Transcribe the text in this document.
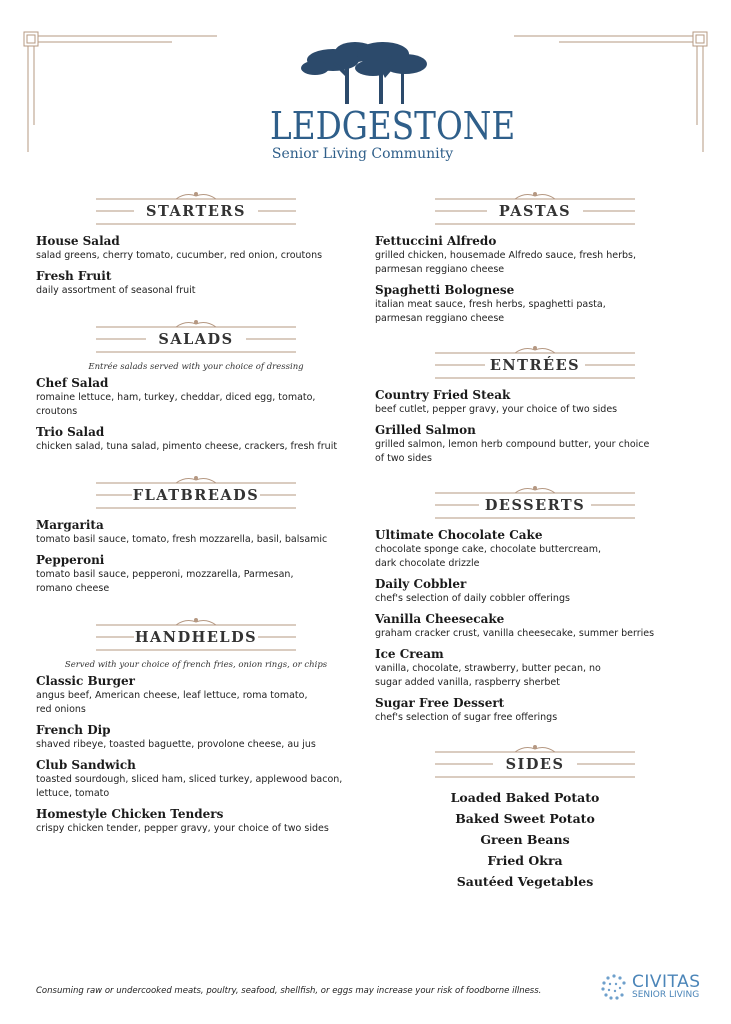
LEDGESTONE
Senior Living Community
STARTERS
House Salad
salad greens, cherry tomato, cucumber, red onion, croutons
Fresh Fruit
daily assortment of seasonal fruit
SALADS
Entrée salads served with your choice of dressing
Chef Salad
romaine lettuce, ham, turkey, cheddar, diced egg, tomato, croutons
Trio Salad
chicken salad, tuna salad, pimento cheese, crackers, fresh fruit
FLATBREADS
Margarita
tomato basil sauce, tomato, fresh mozzarella, basil, balsamic
Pepperoni
tomato basil sauce, pepperoni, mozzarella, Parmesan, romano cheese
HANDHELDS
Served with your choice of french fries, onion rings, or chips
Classic Burger
angus beef, American cheese, leaf lettuce, roma tomato, red onions
French Dip
shaved ribeye, toasted baguette, provolone cheese, au jus
Club Sandwich
toasted sourdough, sliced ham, sliced turkey, applewood bacon, lettuce, tomato
Homestyle Chicken Tenders
crispy chicken tender, pepper gravy, your choice of two sides
PASTAS
Fettuccini Alfredo
grilled chicken, housemade Alfredo sauce, fresh herbs, parmesan reggiano cheese
Spaghetti Bolognese
italian meat sauce, fresh herbs, spaghetti pasta, parmesan reggiano cheese
ENTRÉES
Country Fried Steak
beef cutlet, pepper gravy, your choice of two sides
Grilled Salmon
grilled salmon, lemon herb compound butter, your choice of two sides
DESSERTS
Ultimate Chocolate Cake
chocolate sponge cake, chocolate buttercream, dark chocolate drizzle
Daily Cobbler
chef's selection of daily cobbler offerings
Vanilla Cheesecake
graham cracker crust, vanilla cheesecake, summer berries
Ice Cream
vanilla, chocolate, strawberry, butter pecan, no sugar added vanilla, raspberry sherbet
Sugar Free Dessert
chef's selection of sugar free offerings
SIDES
Loaded Baked Potato
Baked Sweet Potato
Green Beans
Fried Okra
Sautéed Vegetables
Consuming raw or undercooked meats, poultry, seafood, shellfish, or eggs may increase your risk of foodborne illness.	CIVITAS
SENIOR LIVING
